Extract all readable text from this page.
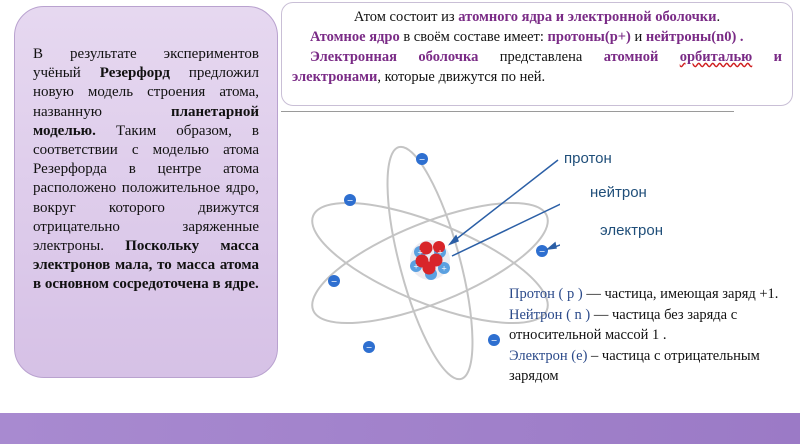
В результате экспериментов учёный Резерфорд предложил новую модель строения атома, названную планетарной моделью. Таким образом, в соответствии с моделью атома Резерфорда в центре атома расположено положительное ядро, вокруг которого движутся отрицательно заряженные электроны. Поскольку масса электронов мала, то масса атома в основном сосредоточена в ядре.

Атом состоит из атомного ядра и электронной оболочки.

Атомное ядро в своём составе имеет: протоны(p+) и нейтроны(n0) .

Электронная оболочка представлена атомной орбиталью и электронами, которые движутся по ней.

+ +
+	+
−
−
−
−
−
−
протон
нейтрон
электрон

Протон ( p ) — частица, имеющая заряд +1.

Нейтрон ( n ) — частица без заряда с относительной массой 1 .

Электрон (е) – частица с отрицательным зарядом
